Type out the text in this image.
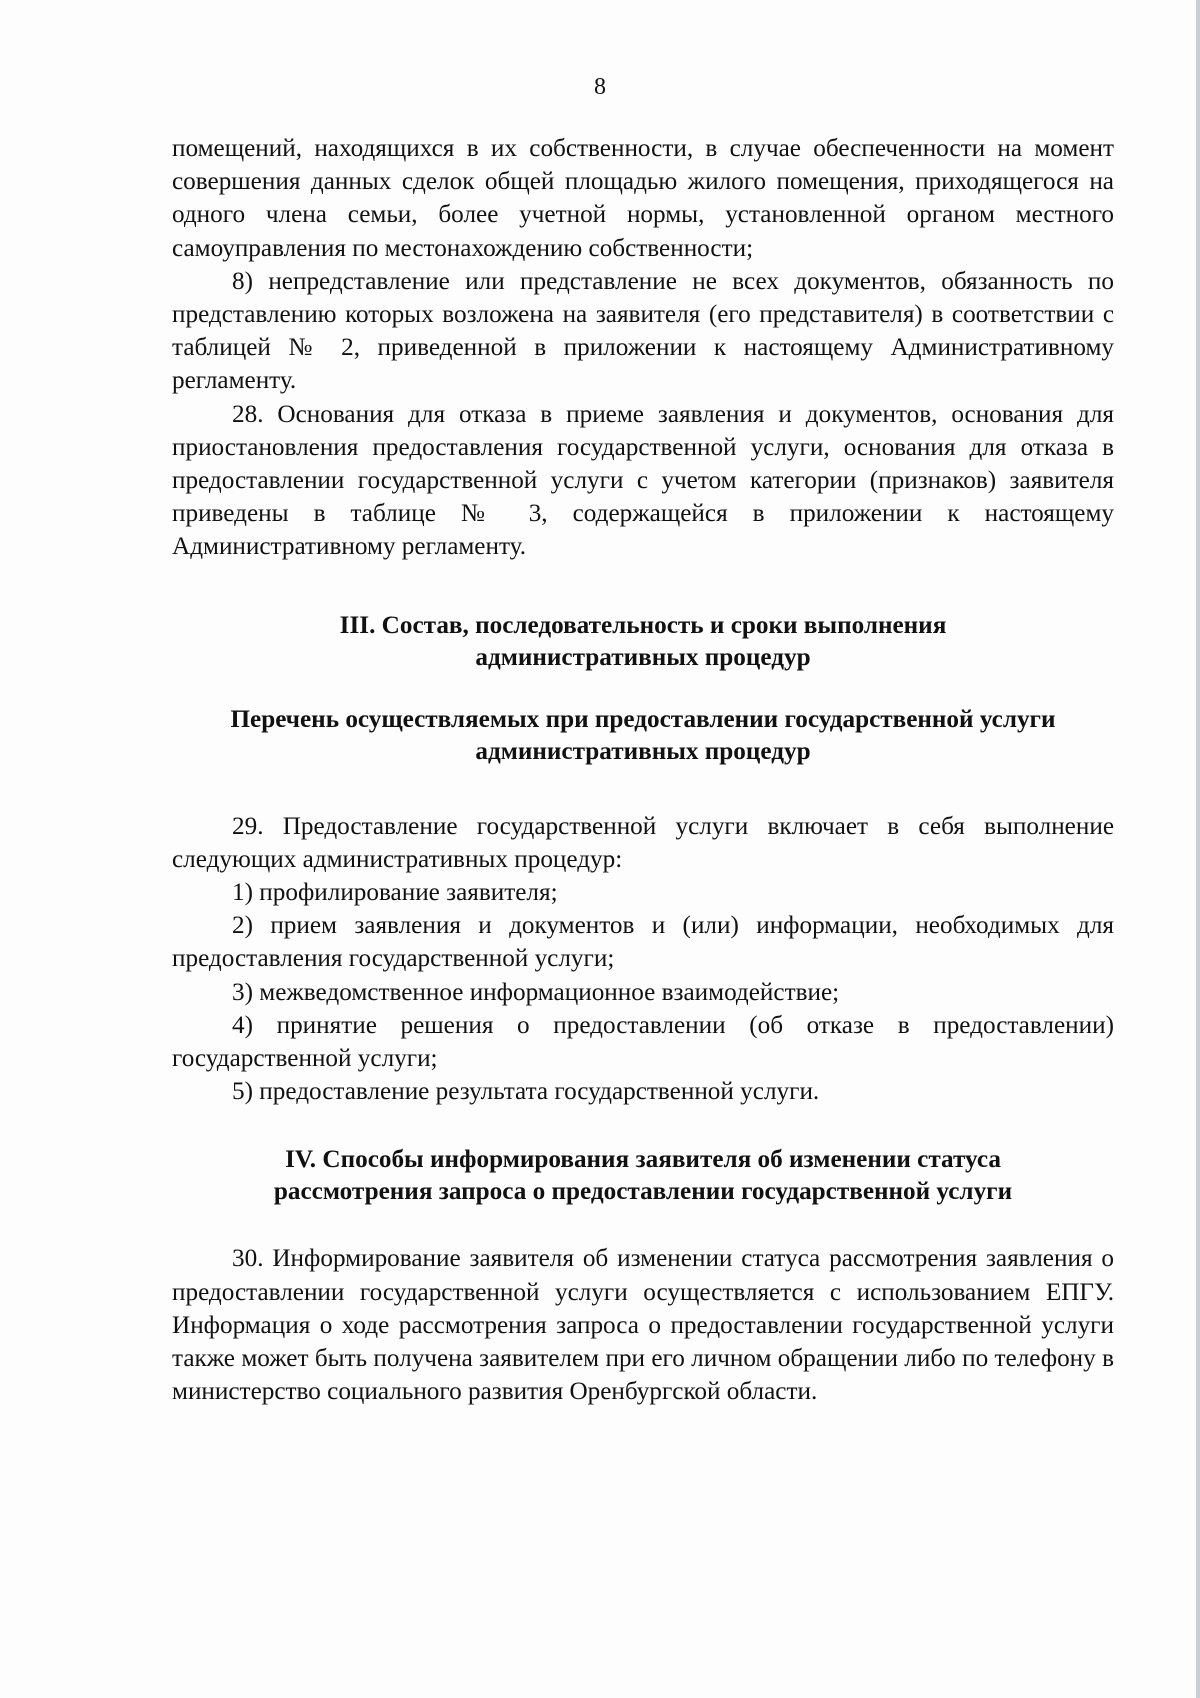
8

помещений, находящихся в их собственности, в случае обеспеченности на момент совершения данных сделок общей площадью жилого помещения, приходящегося на одного члена семьи, более учетной нормы, установленной органом местного самоуправления по местонахождению собственности;

8) непредставление или представление не всех документов, обязанность по представлению которых возложена на заявителя (его представителя) в соответствии с таблицей № 2, приведенной в приложении к настоящему Административному регламенту.

28. Основания для отказа в приеме заявления и документов, основания для приостановления предоставления государственной услуги, основания для отказа в предоставлении государственной услуги с учетом категории (признаков) заявителя приведены в таблице № 3, содержащейся в приложении к настоящему Административному регламенту.

III. Состав, последовательность и сроки выполнения
административных процедур
Перечень осуществляемых при предоставлении государственной услуги
административных процедур

29. Предоставление государственной услуги включает в себя выполнение следующих административных процедур:

1) профилирование заявителя;

2) прием заявления и документов и (или) информации, необходимых для предоставления государственной услуги;

3) межведомственное информационное взаимодействие;

4) принятие решения о предоставлении (об отказе в предоставлении) государственной услуги;

5) предоставление результата государственной услуги.

IV. Способы информирования заявителя об изменении статуса
рассмотрения запроса о предоставлении государственной услуги

30. Информирование заявителя об изменении статуса рассмотрения заявления о предоставлении государственной услуги осуществляется с использованием ЕПГУ. Информация о ходе рассмотрения запроса о предоставлении государственной услуги также может быть получена заявителем при его личном обращении либо по телефону в министерство социального развития Оренбургской области.
